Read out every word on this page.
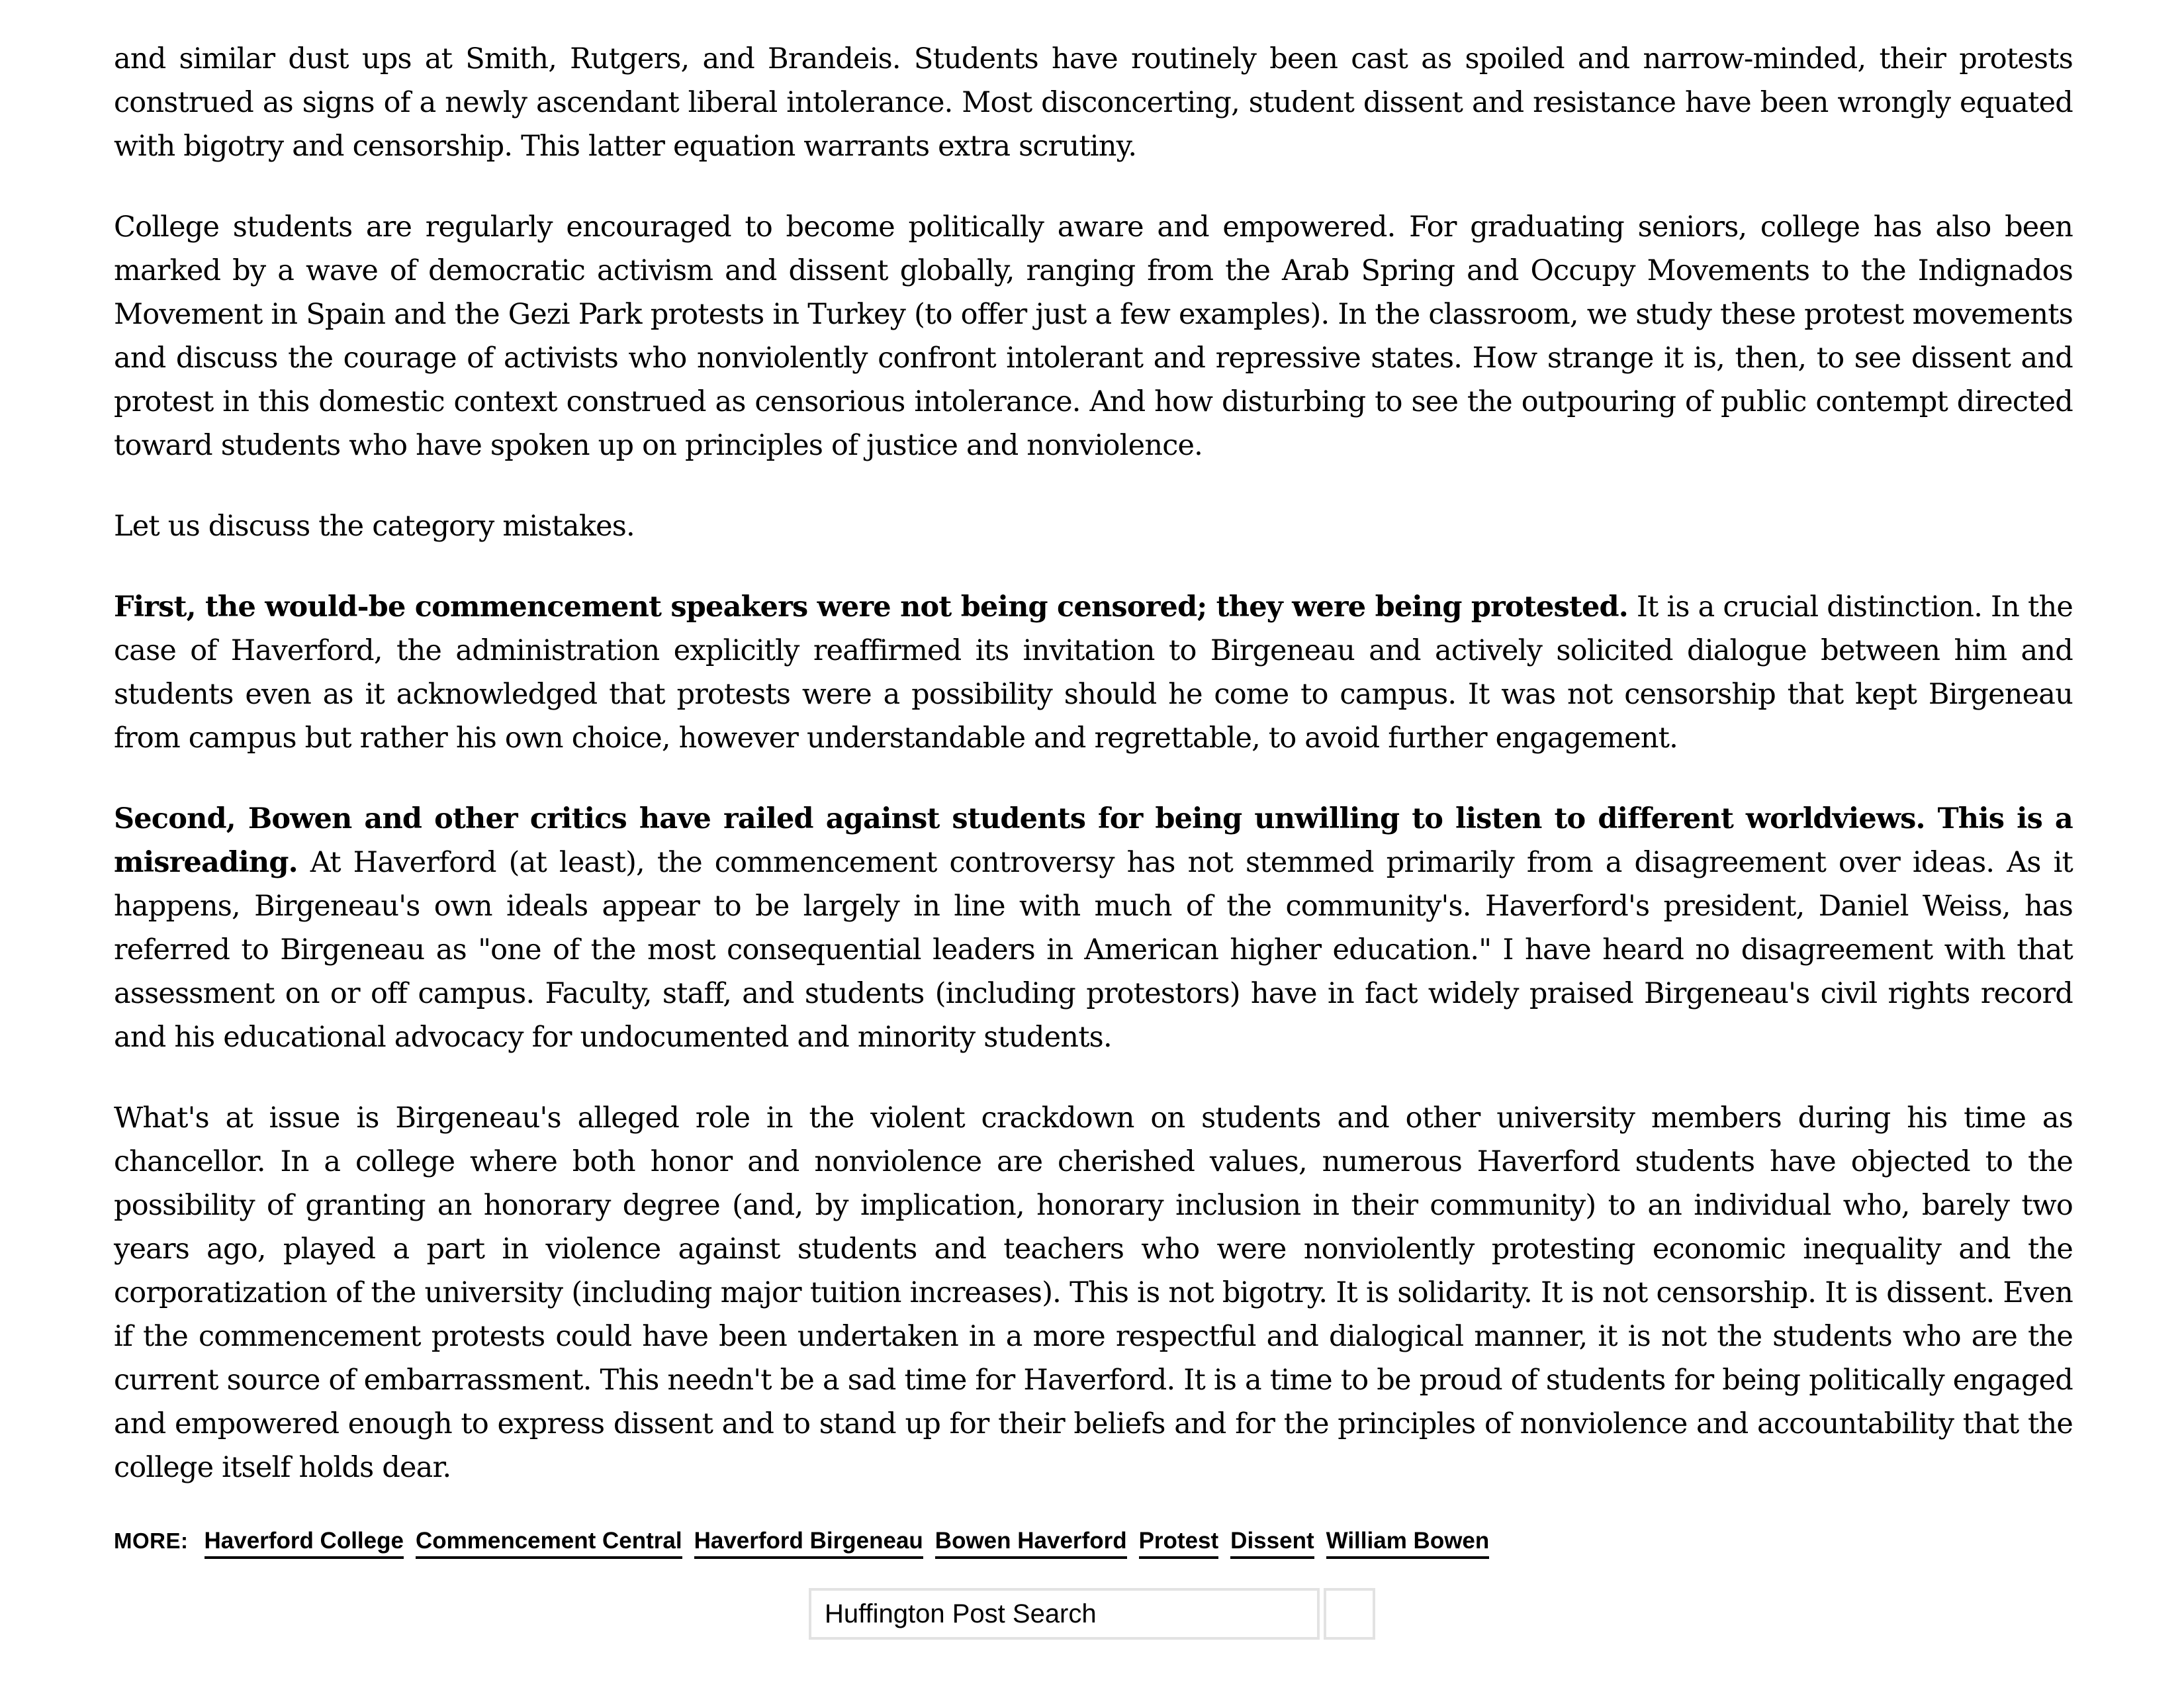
and similar dust ups at Smith, Rutgers, and Brandeis. Students have routinely been cast as spoiled and narrow-minded, their protests construed as signs of a newly ascendant liberal intolerance. Most disconcerting, student dissent and resistance have been wrongly equated with bigotry and censorship. This latter equation warrants extra scrutiny.

College students are regularly encouraged to become politically aware and empowered. For graduating seniors, college has also been marked by a wave of democratic activism and dissent globally, ranging from the Arab Spring and Occupy Movements to the Indignados Movement in Spain and the Gezi Park protests in Turkey (to offer just a few examples). In the classroom, we study these protest movements and discuss the courage of activists who nonviolently confront intolerant and repressive states. How strange it is, then, to see dissent and protest in this domestic context construed as censorious intolerance. And how disturbing to see the outpouring of public contempt directed toward students who have spoken up on principles of justice and nonviolence.

Let us discuss the category mistakes.

First, the would-be commencement speakers were not being censored; they were being protested. It is a crucial distinction. In the case of Haverford, the administration explicitly reaffirmed its invitation to Birgeneau and actively solicited dialogue between him and students even as it acknowledged that protests were a possibility should he come to campus. It was not censorship that kept Birgeneau from campus but rather his own choice, however understandable and regrettable, to avoid further engagement.

Second, Bowen and other critics have railed against students for being unwilling to listen to different worldviews. This is a misreading. At Haverford (at least), the commencement controversy has not stemmed primarily from a disagreement over ideas. As it happens, Birgeneau's own ideals appear to be largely in line with much of the community's. Haverford's president, Daniel Weiss, has referred to Birgeneau as "one of the most consequential leaders in American higher education." I have heard no disagreement with that assessment on or off campus. Faculty, staff, and students (including protestors) have in fact widely praised Birgeneau's civil rights record and his educational advocacy for undocumented and minority students.

What's at issue is Birgeneau's alleged role in the violent crackdown on students and other university members during his time as chancellor. In a college where both honor and nonviolence are cherished values, numerous Haverford students have objected to the possibility of granting an honorary degree (and, by implication, honorary inclusion in their community) to an individual who, barely two years ago, played a part in violence against students and teachers who were nonviolently protesting economic inequality and the corporatization of the university (including major tuition increases). This is not bigotry. It is solidarity. It is not censorship. It is dissent. Even if the commencement protests could have been undertaken in a more respectful and dialogical manner, it is not the students who are the current source of embarrassment. This needn't be a sad time for Haverford. It is a time to be proud of students for being politically engaged and empowered enough to express dissent and to stand up for their beliefs and for the principles of nonviolence and accountability that the college itself holds dear.

MORE: Haverford College Commencement Central Haverford Birgeneau Bowen Haverford Protest Dissent William Bowen
Huffington Post Search
